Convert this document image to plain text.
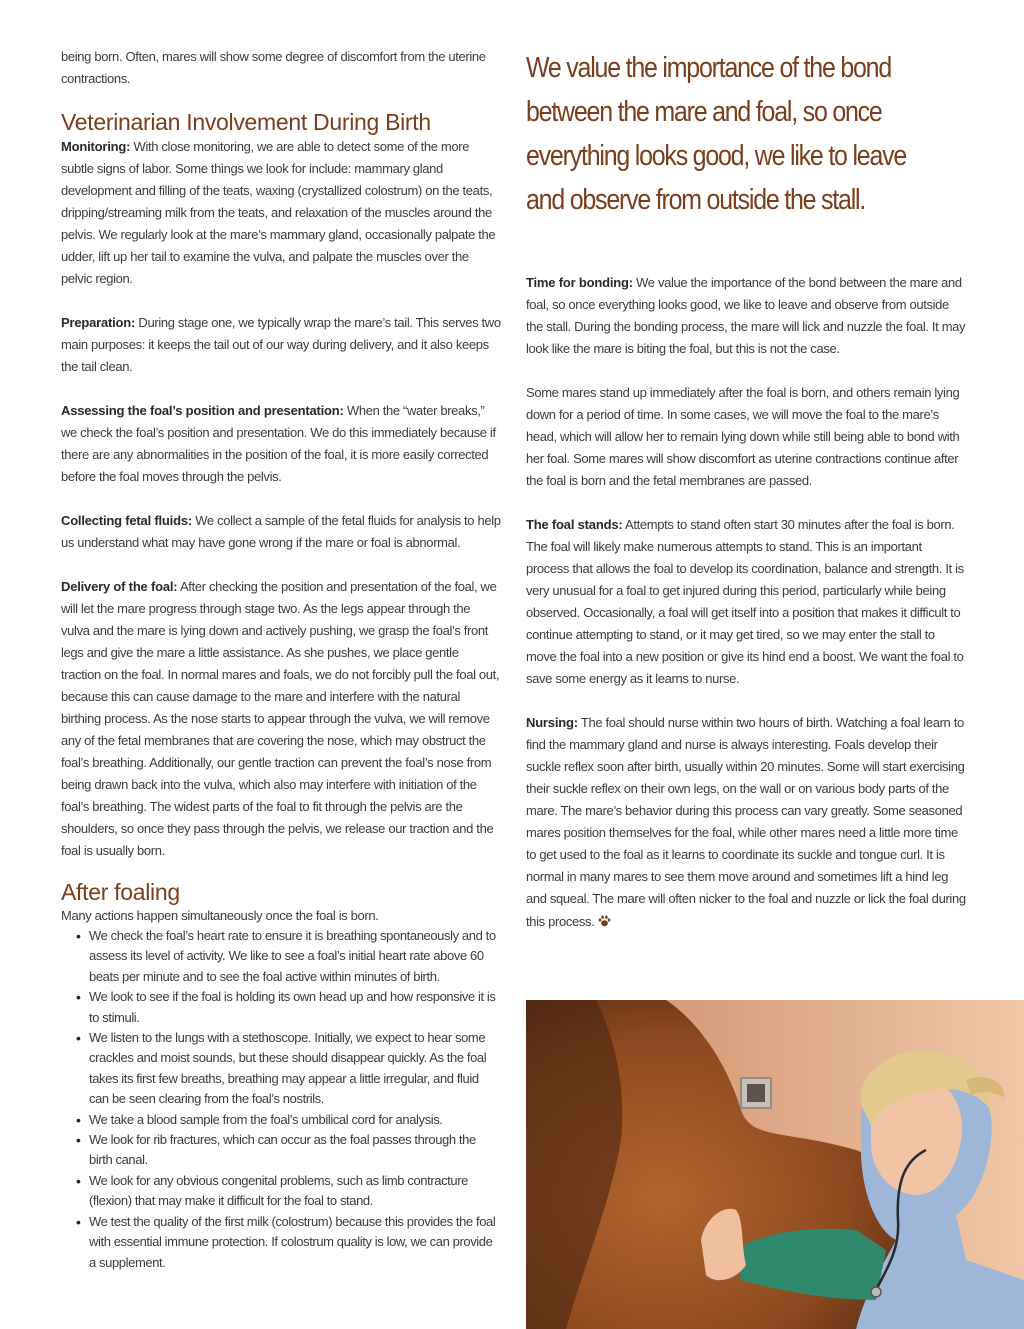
being born. Often, mares will show some degree of discomfort from the uterine contractions.

Veterinarian Involvement During Birth

Monitoring: With close monitoring, we are able to detect some of the more subtle signs of labor. Some things we look for include: mammary gland development and filling of the teats, waxing (crystallized colostrum) on the teats, dripping/streaming milk from the teats, and relaxation of the muscles around the pelvis. We regularly look at the mare’s mammary gland, occasionally palpate the udder, lift up her tail to examine the vulva, and palpate the muscles over the pelvic region.

Preparation: During stage one, we typically wrap the mare’s tail. This serves two main purposes: it keeps the tail out of our way during delivery, and it also keeps the tail clean.

Assessing the foal’s position and presentation: When the “water breaks,” we check the foal’s position and presentation. We do this immediately because if there are any abnormalities in the position of the foal, it is more easily corrected before the foal moves through the pelvis.

Collecting fetal fluids: We collect a sample of the fetal fluids for analysis to help us understand what may have gone wrong if the mare or foal is abnormal.

Delivery of the foal: After checking the position and presentation of the foal, we will let the mare progress through stage two. As the legs appear through the vulva and the mare is lying down and actively pushing, we grasp the foal’s front legs and give the mare a little assistance. As she pushes, we place gentle traction on the foal. In normal mares and foals, we do not forcibly pull the foal out, because this can cause damage to the mare and interfere with the natural birthing process. As the nose starts to appear through the vulva, we will remove any of the fetal membranes that are covering the nose, which may obstruct the foal’s breathing. Additionally, our gentle traction can prevent the foal’s nose from being drawn back into the vulva, which also may interfere with initiation of the foal’s breathing. The widest parts of the foal to fit through the pelvis are the shoulders, so once they pass through the pelvis, we release our traction and the foal is usually born.

After foaling

Many actions happen simultaneously once the foal is born.

• We check the foal’s heart rate to ensure it is breathing spontaneously and to assess its level of activity. We like to see a foal’s initial heart rate above 60 beats per minute and to see the foal active within minutes of birth.
• We look to see if the foal is holding its own head up and how responsive it is to stimuli.
• We listen to the lungs with a stethoscope. Initially, we expect to hear some crackles and moist sounds, but these should disappear quickly. As the foal takes its first few breaths, breathing may appear a little irregular, and fluid can be seen clearing from the foal’s nostrils.
• We take a blood sample from the foal’s umbilical cord for analysis.
• We look for rib fractures, which can occur as the foal passes through the birth canal.
• We look for any obvious congenital problems, such as limb contracture (flexion) that may make it difficult for the foal to stand.
• We test the quality of the first milk (colostrum) because this provides the foal with essential immune protection. If colostrum quality is low, we can provide a supplement.

We value the importance of the bond between the mare and foal, so once everything looks good, we like to leave and observe from outside the stall.

Time for bonding: We value the importance of the bond between the mare and foal, so once everything looks good, we like to leave and observe from outside the stall. During the bonding process, the mare will lick and nuzzle the foal. It may look like the mare is biting the foal, but this is not the case.

Some mares stand up immediately after the foal is born, and others remain lying down for a period of time. In some cases, we will move the foal to the mare’s head, which will allow her to remain lying down while still being able to bond with her foal. Some mares will show discomfort as uterine contractions continue after the foal is born and the fetal membranes are passed.

The foal stands: Attempts to stand often start 30 minutes after the foal is born. The foal will likely make numerous attempts to stand. This is an important process that allows the foal to develop its coordination, balance and strength. It is very unusual for a foal to get injured during this period, particularly while being observed. Occasionally, a foal will get itself into a position that makes it difficult to continue attempting to stand, or it may get tired, so we may enter the stall to move the foal into a new position or give its hind end a boost. We want the foal to save some energy as it learns to nurse.

Nursing: The foal should nurse within two hours of birth. Watching a foal learn to find the mammary gland and nurse is always interesting. Foals develop their suckle reflex soon after birth, usually within 20 minutes. Some will start exercising their suckle reflex on their own legs, on the wall or on various body parts of the mare. The mare’s behavior during this process can vary greatly. Some seasoned mares position themselves for the foal, while other mares need a little more time to get used to the foal as it learns to coordinate its suckle and tongue curl. It is normal in many mares to see them move around and sometimes lift a hind leg and squeal. The mare will often nicker to the foal and nuzzle or lick the foal during this process.
